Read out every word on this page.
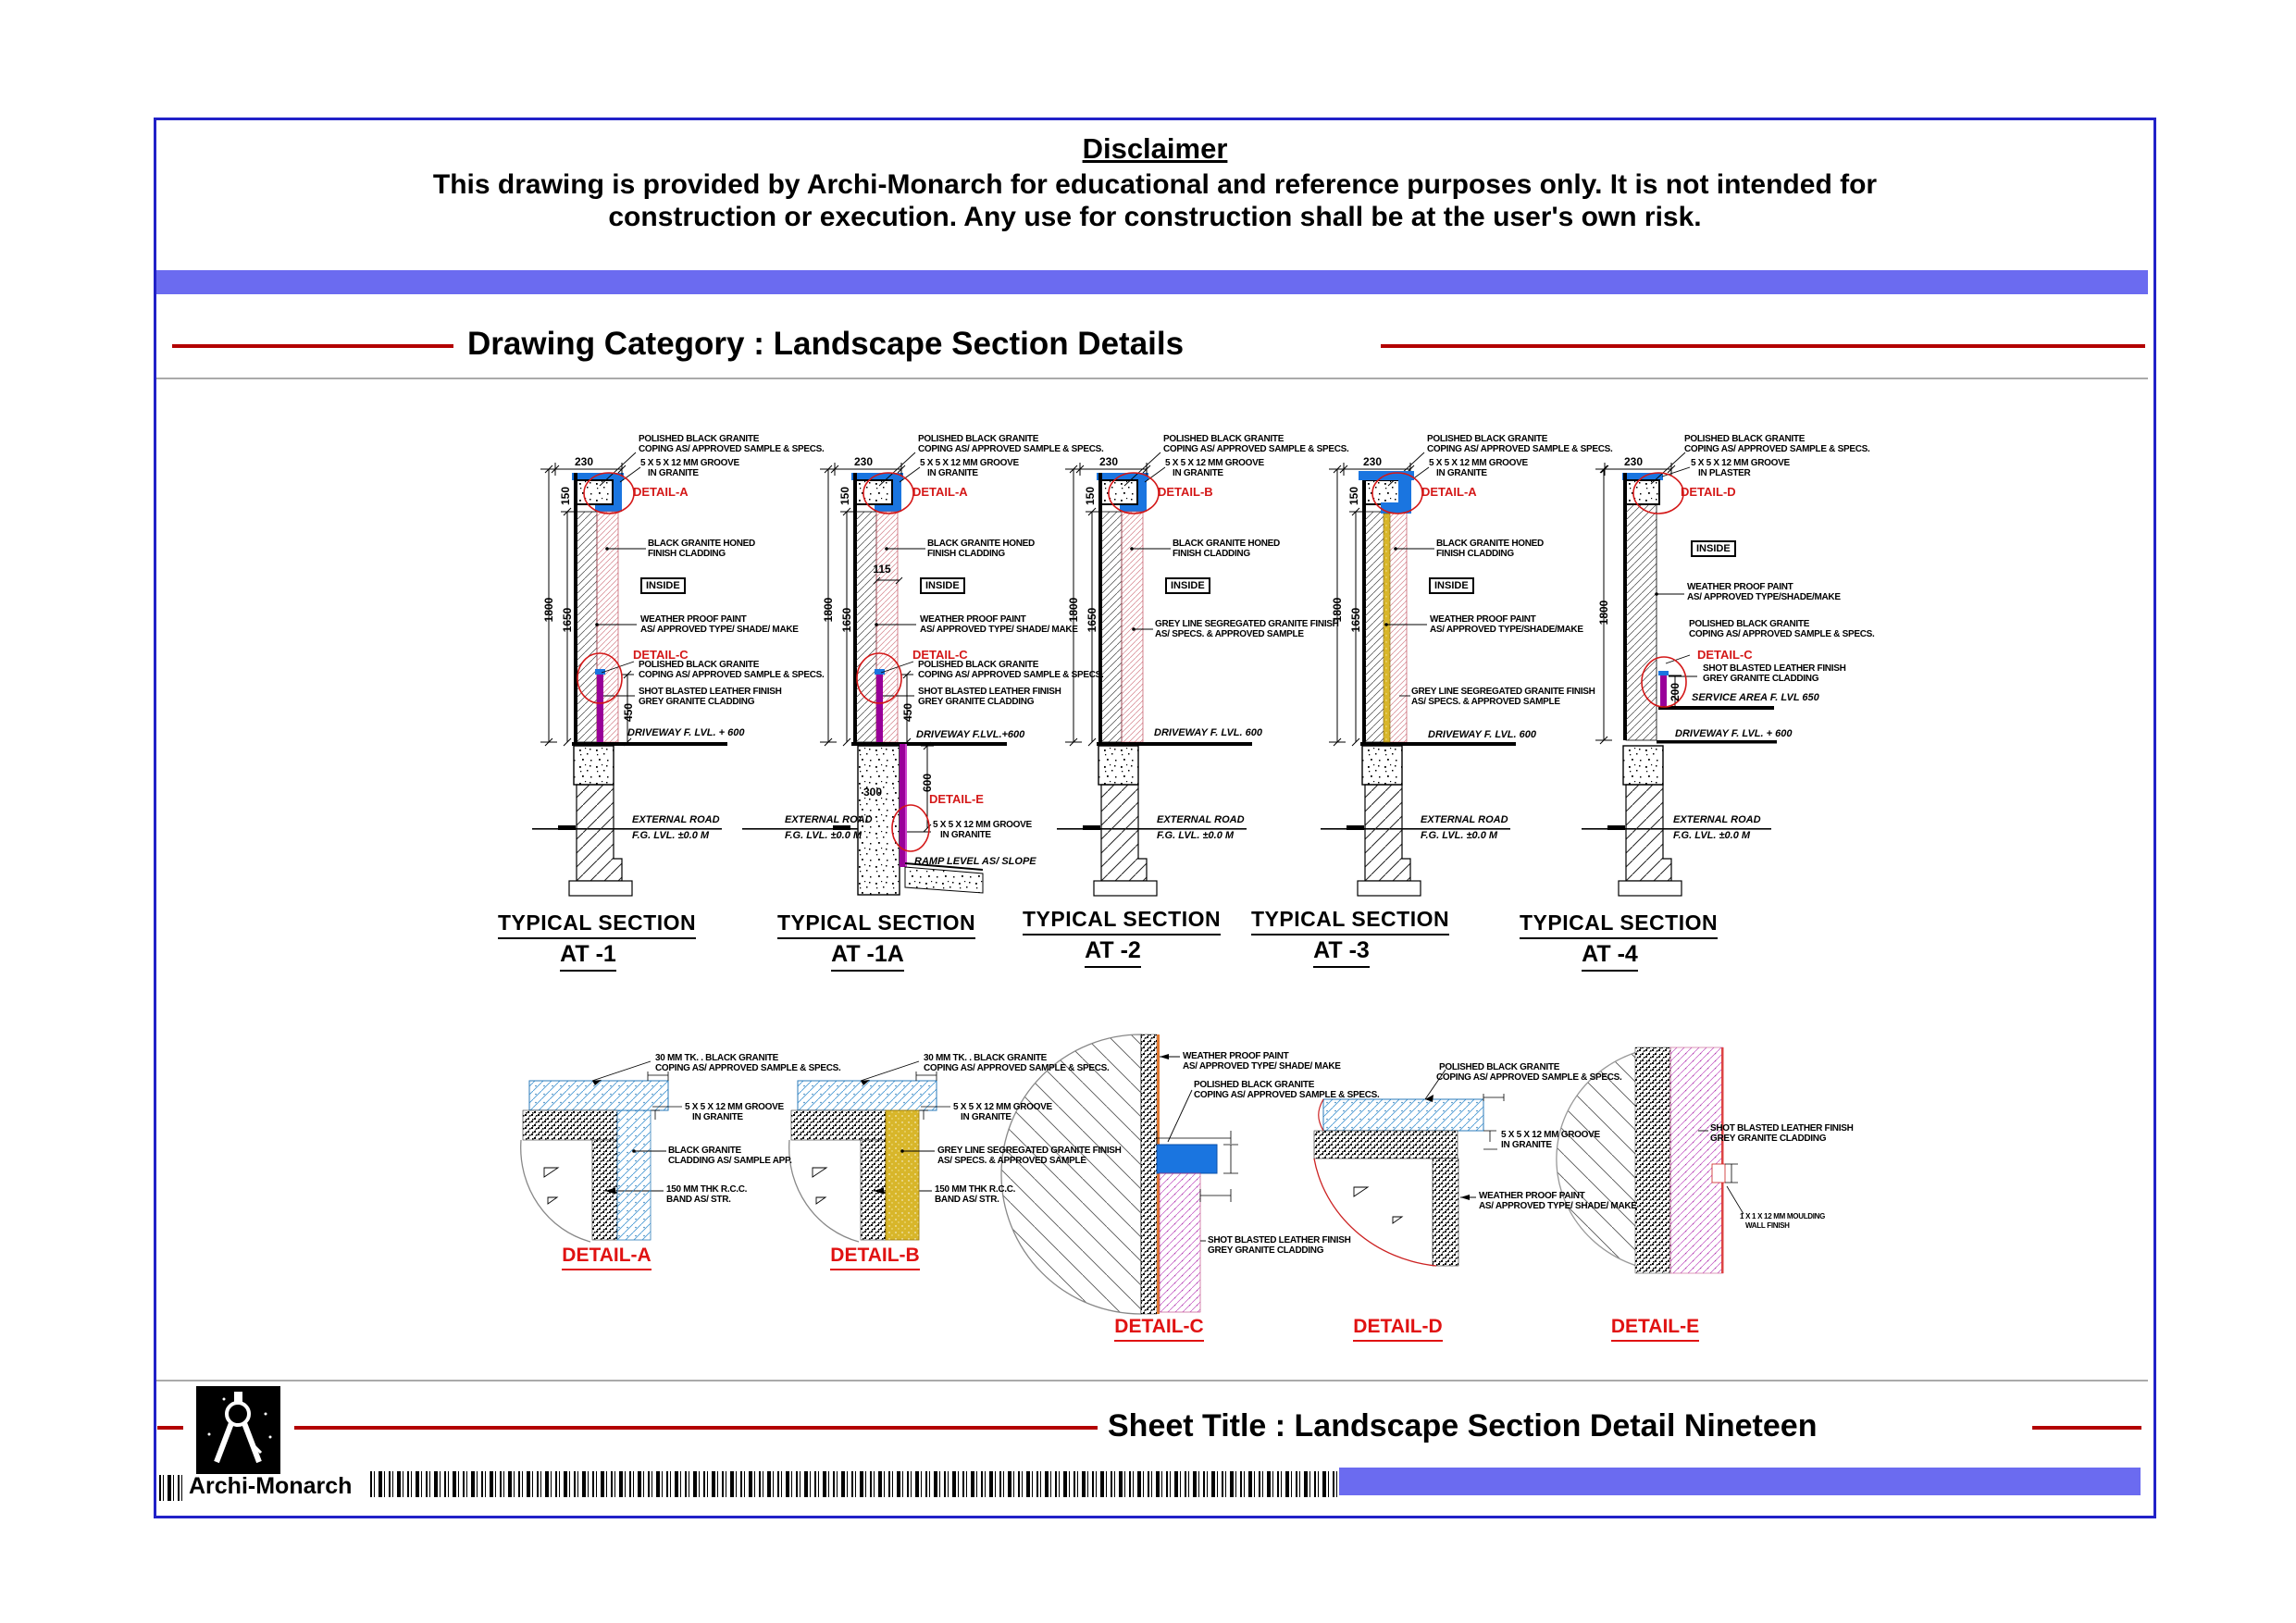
Disclaimer
This drawing is provided by Archi-Monarch for educational and reference purposes only. It is not intended for
construction or execution. Any use for construction shall be at the user's own risk.
Drawing Category : Landscape Section Details
POLISHED BLACK GRANITE
COPING AS/ APPROVED SAMPLE & SPECS.
5 X 5 X 12 MM GROOVE
IN GRANITE
DETAIL-A
230
150
1800 1650
BLACK GRANITE HONED
FINISH CLADDING
INSIDE
WEATHER PROOF PAINT
AS/ APPROVED TYPE/ SHADE/ MAKE
DETAIL-C
POLISHED BLACK GRANITE
COPING AS/ APPROVED SAMPLE & SPECS.
SHOT BLASTED LEATHER FINISH
GREY GRANITE CLADDING
450
DRIVEWAY F. LVL. + 600
EXTERNAL ROAD
F.G. LVL. ±0.0 M
TYPICAL SECTION
AT -1
POLISHED BLACK GRANITE
COPING AS/ APPROVED SAMPLE & SPECS.
5 X 5 X 12 MM GROOVE
IN GRANITE
DETAIL-A
230
150
1800 1650
115
BLACK GRANITE HONED
FINISH CLADDING
INSIDE
WEATHER PROOF PAINT
AS/ APPROVED TYPE/ SHADE/ MAKE
DETAIL-C
POLISHED BLACK GRANITE
COPING AS/ APPROVED SAMPLE & SPECS.
SHOT BLASTED LEATHER FINISH
GREY GRANITE CLADDING
450
DRIVEWAY F.LVL.+600
EXTERNAL ROAD
F.G. LVL. ±0.0 M
300	600
DETAIL-E
5 X 5 X 12 MM GROOVE
IN GRANITE
RAMP LEVEL AS/ SLOPE
TYPICAL SECTION
AT -1A
POLISHED BLACK GRANITE
COPING AS/ APPROVED SAMPLE & SPECS.
5 X 5 X 12 MM GROOVE
IN GRANITE
DETAIL-B
230
150
1800 1650
BLACK GRANITE HONED
FINISH CLADDING
INSIDE
GREY LINE SEGREGATED GRANITE FINISH
AS/ SPECS. & APPROVED SAMPLE
DRIVEWAY F. LVL. 600
EXTERNAL ROAD
F.G. LVL. ±0.0 M
TYPICAL SECTION
AT -2
POLISHED BLACK GRANITE
COPING AS/ APPROVED SAMPLE & SPECS.
5 X 5 X 12 MM GROOVE
IN GRANITE
DETAIL-A
230
150
1800 1650
BLACK GRANITE HONED
FINISH CLADDING
INSIDE
WEATHER PROOF PAINT
AS/ APPROVED TYPE/SHADE/MAKE
GREY LINE SEGREGATED GRANITE FINISH
AS/ SPECS. & APPROVED SAMPLE
DRIVEWAY F. LVL. 600
EXTERNAL ROAD
F.G. LVL. ±0.0 M
TYPICAL SECTION
AT -3
POLISHED BLACK GRANITE
COPING AS/ APPROVED SAMPLE & SPECS.
5 X 5 X 12 MM GROOVE
IN PLASTER
DETAIL-D
230
1800
INSIDE
WEATHER PROOF PAINT
AS/ APPROVED TYPE/SHADE/MAKE
POLISHED BLACK GRANITE
COPING AS/ APPROVED SAMPLE & SPECS.
DETAIL-C
SHOT BLASTED LEATHER FINISH
GREY GRANITE CLADDING
200 SERVICE AREA F. LVL 650
DRIVEWAY F. LVL. + 600
EXTERNAL ROAD
F.G. LVL. ±0.0 M
TYPICAL SECTION
AT -4
30 MM TK. . BLACK GRANITE
COPING AS/ APPROVED SAMPLE & SPECS.
5 X 5 X 12 MM GROOVE
IN GRANITE
BLACK GRANITE
CLADDING AS/ SAMPLE APP.
150 MM THK R.C.C.
BAND AS/ STR.
DETAIL-A
30 MM TK. . BLACK GRANITE
COPING AS/ APPROVED SAMPLE & SPECS.
5 X 5 X 12 MM GROOVE
IN GRANITE
GREY LINE SEGREGATED GRANITE FINISH
AS/ SPECS. & APPROVED SAMPLE
150 MM THK R.C.C.
BAND AS/ STR.
DETAIL-B
WEATHER PROOF PAINT
AS/ APPROVED TYPE/ SHADE/ MAKE
POLISHED BLACK GRANITE
COPING AS/ APPROVED SAMPLE & SPECS.
SHOT BLASTED LEATHER FINISH
GREY GRANITE CLADDING
DETAIL-C
POLISHED BLACK GRANITE
COPING AS/ APPROVED SAMPLE & SPECS.
5 X 5 X 12 MM GROOVE
IN GRANITE
WEATHER PROOF PAINT
AS/ APPROVED TYPE/ SHADE/ MAKE
DETAIL-D
SHOT BLASTED LEATHER FINISH
GREY GRANITE CLADDING
1 X 1 X 12 MM MOULDING
WALL FINISH
DETAIL-E
Sheet Title : Landscape Section Detail Nineteen
Archi-Monarch
